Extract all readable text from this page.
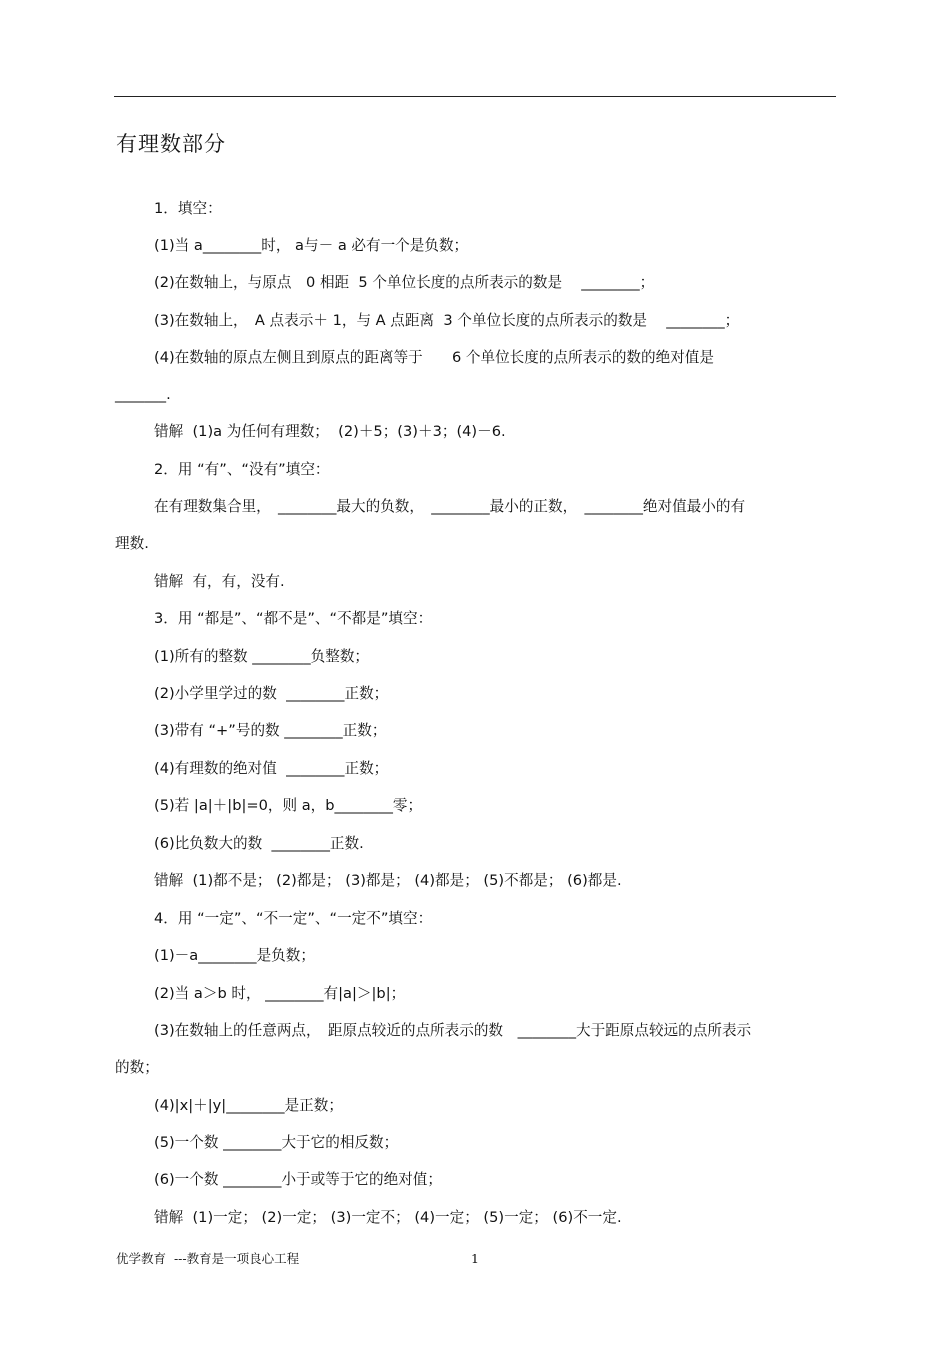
有理数部分
1．填空：
(1)当 a________时， a与－ a 必有一个是负数；
(2)在数轴上，与原点　0 相距  5 个单位长度的点所表示的数是　 ________；
(3)在数轴上，　A 点表示＋ 1，与 A 点距离  3 个单位长度的点所表示的数是　 ________；
(4)在数轴的原点左侧且到原点的距离等于　　6 个单位长度的点所表示的数的绝对值是
_______.
错解  (1)a 为任何有理数；  (2)＋5；(3)＋3；(4)－6.
2．用 “有”、“没有”填空：
在有理数集合里，　________最大的负数，　________最小的正数，　________绝对值最小的有
理数.
错解  有，有，没有.
3．用 “都是”、“都不是”、“不都是”填空：
(1)所有的整数 ________负整数；
(2)小学里学过的数  ________正数；
(3)带有 “+”号的数 ________正数；
(4)有理数的绝对值  ________正数；
(5)若 |a|＋|b|=0，则 a，b________零；
(6)比负数大的数  ________正数.
错解  (1)都不是； (2)都是； (3)都是； (4)都是； (5)不都是； (6)都是.
4．用 “一定”、“不一定”、“一定不”填空：
(1)－a________是负数；
(2)当 a＞b 时， ________有|a|＞|b|；
(3)在数轴上的任意两点，　距原点较近的点所表示的数　________大于距原点较远的点所表示
的数；
(4)|x|＋|y|________是正数；
(5)一个数 ________大于它的相反数；
(6)一个数 ________小于或等于它的绝对值；
错解  (1)一定； (2)一定； (3)一定不； (4)一定； (5)一定； (6)不一定.
优学教育  ---教育是一项良心工程	1
